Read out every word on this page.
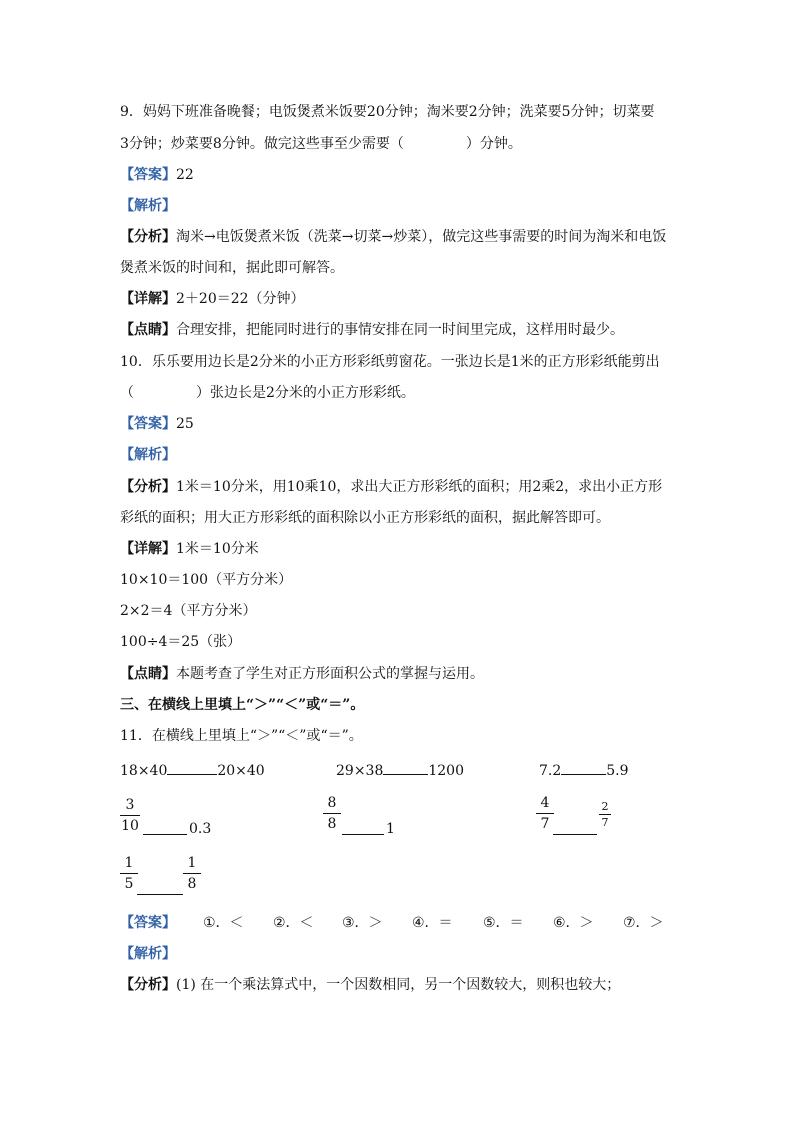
9．妈妈下班准备晚餐；电饭煲煮米饭要20分钟；淘米要2分钟；洗菜要5分钟；切菜要
3分钟；炒菜要8分钟。做完这些事至少需要（	）分钟。
【答案】22
【解析】
【分析】淘米→电饭煲煮米饭（洗菜→切菜→炒菜），做完这些事需要的时间为淘米和电饭
煲煮米饭的时间和，据此即可解答。
【详解】2＋20＝22（分钟）
【点睛】合理安排，把能同时进行的事情安排在同一时间里完成，这样用时最少。
10．乐乐要用边长是2分米的小正方形彩纸剪窗花。一张边长是1米的正方形彩纸能剪出
（	）张边长是2分米的小正方形彩纸。
【答案】25
【解析】
【分析】1米＝10分米，用10乘10，求出大正方形彩纸的面积；用2乘2，求出小正方形
彩纸的面积；用大正方形彩纸的面积除以小正方形彩纸的面积，据此解答即可。
【详解】1米＝10分米
10×10＝100（平方分米）
2×2＝4（平方分米）
100÷4＝25（张）
【点睛】本题考查了学生对正方形面积公式的掌握与运用。
三、在横线上里填上“＞”“＜”或“＝”。
11．在横线上里填上“＞”“＜”或“＝”。
18×40	20×40	29×38	1200	7.2	5.9
3
10	0.3
8
8	1
4
7
2
7
1
5
1
8
【答案】 ①．＜ ②．＜ ③．＞ ④．＝ ⑤．＝ ⑥．＞ ⑦．＞
【解析】
【分析】(1) 在一个乘法算式中，一个因数相同，另一个因数较大，则积也较大；
